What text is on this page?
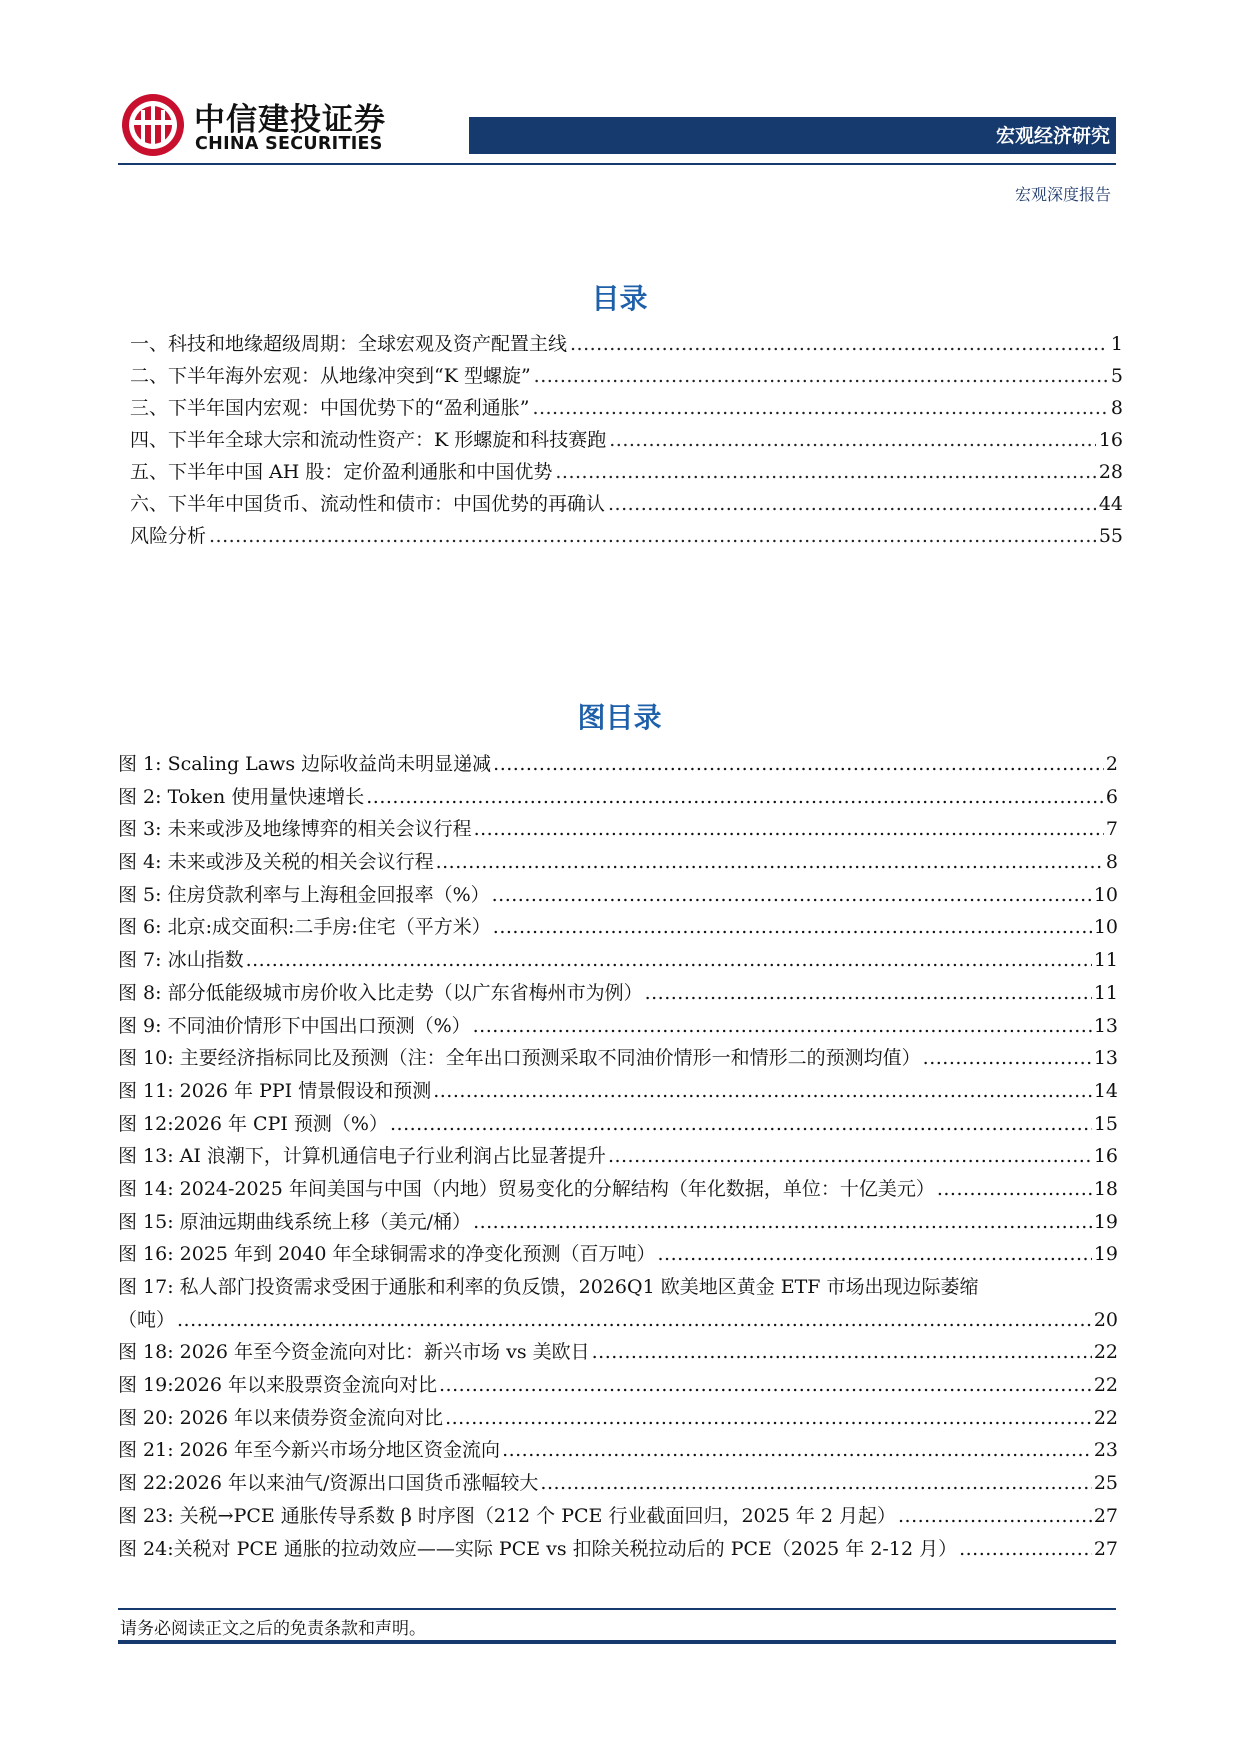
中信建投证券
CHINA SECURITIES	宏观经济研究
宏观深度报告
目录
一、科技和地缘超级周期：全球宏观及资产配置主线 .....	1
二、下半年海外宏观：从地缘冲突到“K 型螺旋” .....	5
三、下半年国内宏观：中国优势下的“盈利通胀” .....	8
四、下半年全球大宗和流动性资产：K 形螺旋和科技赛跑 .....	16
五、下半年中国 AH 股：定价盈利通胀和中国优势 .....	28
六、下半年中国货币、流动性和债市：中国优势的再确认 .....	44
风险分析 .....	55
图目录
图 1: Scaling Laws 边际收益尚未明显递减 .....	2
图 2: Token 使用量快速增长 .....	6
图 3: 未来或涉及地缘博弈的相关会议行程 .....	7
图 4: 未来或涉及关税的相关会议行程 .....	8
图 5: 住房贷款利率与上海租金回报率（%） .....	10
图 6: 北京:成交面积:二手房:住宅（平方米） .....	10
图 7: 冰山指数 .....	11
图 8: 部分低能级城市房价收入比走势（以广东省梅州市为例） .....	11
图 9: 不同油价情形下中国出口预测（%） .....	13
图 10: 主要经济指标同比及预测（注：全年出口预测采取不同油价情形一和情形二的预测均值） .....	13
图 11: 2026 年 PPI 情景假设和预测 .....	14
图 12:2026 年 CPI 预测（%） .....	15
图 13: AI 浪潮下，计算机通信电子行业利润占比显著提升 .....	16
图 14: 2024-2025 年间美国与中国（内地）贸易变化的分解结构（年化数据，单位：十亿美元） .....	18
图 15: 原油远期曲线系统上移（美元/桶） .....	19
图 16: 2025 年到 2040 年全球铜需求的净变化预测（百万吨） .....	19
图 17: 私人部门投资需求受困于通胀和利率的负反馈，2026Q1 欧美地区黄金 ETF 市场出现边际萎缩
（吨） .....	20
图 18: 2026 年至今资金流向对比：新兴市场 vs 美欧日 .....	22
图 19:2026 年以来股票资金流向对比 .....	22
图 20: 2026 年以来债券资金流向对比 .....	22
图 21: 2026 年至今新兴市场分地区资金流向 .....	23
图 22:2026 年以来油气/资源出口国货币涨幅较大 .....	25
图 23: 关税→PCE 通胀传导系数 β 时序图（212 个 PCE 行业截面回归，2025 年 2 月起） .....	27
图 24:关税对 PCE 通胀的拉动效应——实际 PCE vs 扣除关税拉动后的 PCE（2025 年 2-12 月） .....	27
请务必阅读正文之后的免责条款和声明。
